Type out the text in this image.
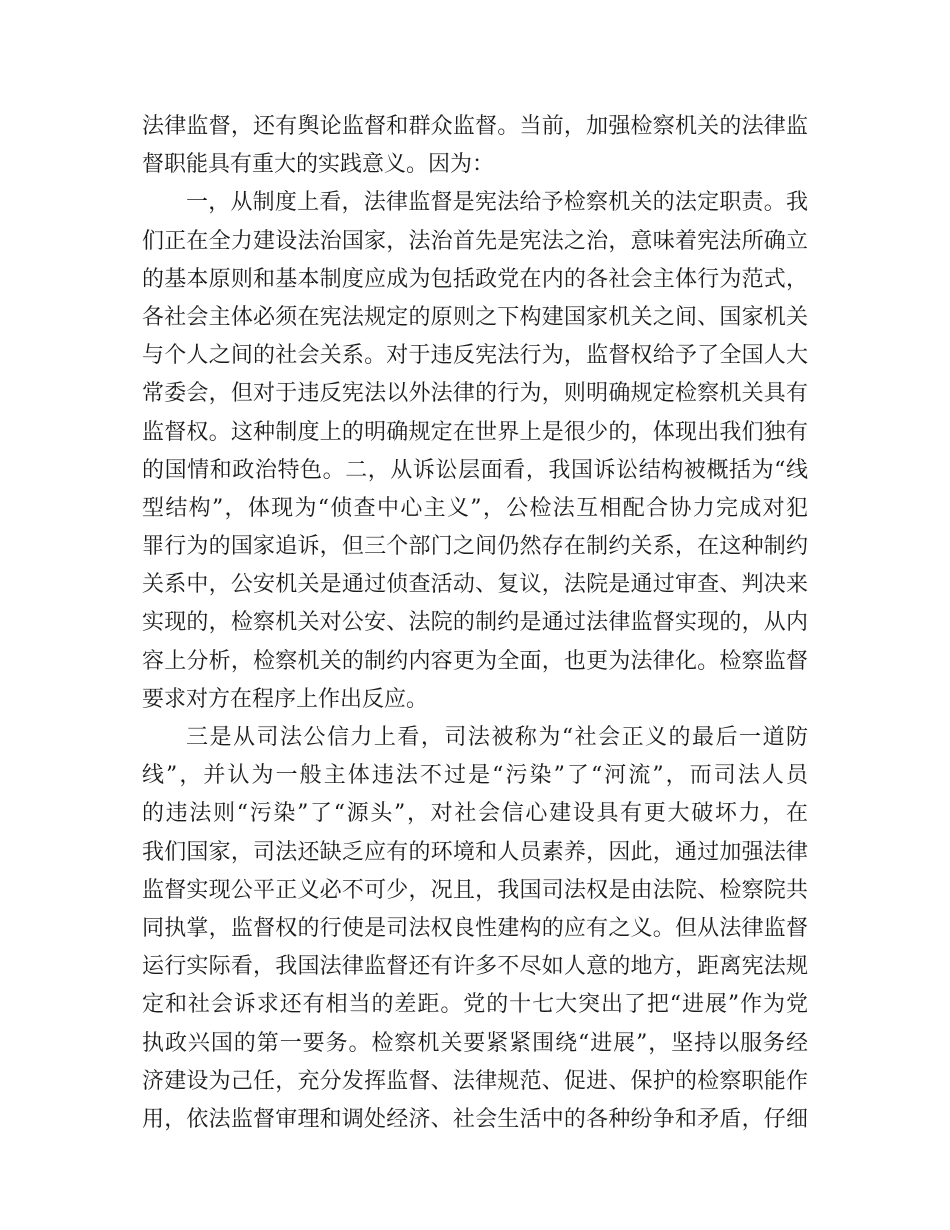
法律监督，还有舆论监督和群众监督。当前，加强检察机关的法律监
督职能具有重大的实践意义。因为：
一，从制度上看，法律监督是宪法给予检察机关的法定职责。我
们正在全力建设法治国家，法治首先是宪法之治，意味着宪法所确立
的基本原则和基本制度应成为包括政党在内的各社会主体行为范式，
各社会主体必须在宪法规定的原则之下构建国家机关之间、国家机关
与个人之间的社会关系。对于违反宪法行为，监督权给予了全国人大
常委会，但对于违反宪法以外法律的行为，则明确规定检察机关具有
监督权。这种制度上的明确规定在世界上是很少的，体现出我们独有
的国情和政治特色。二，从诉讼层面看，我国诉讼结构被概括为“线
型结构”，体现为“侦查中心主义”，公检法互相配合协力完成对犯
罪行为的国家追诉，但三个部门之间仍然存在制约关系，在这种制约
关系中，公安机关是通过侦查活动、复议，法院是通过审查、判决来
实现的，检察机关对公安、法院的制约是通过法律监督实现的，从内
容上分析，检察机关的制约内容更为全面，也更为法律化。检察监督
要求对方在程序上作出反应。
三是从司法公信力上看，司法被称为“社会正义的最后一道防
线”，并认为一般主体违法不过是“污染”了“河流”，而司法人员
的违法则“污染”了“源头”，对社会信心建设具有更大破坏力，在
我们国家，司法还缺乏应有的环境和人员素养，因此，通过加强法律
监督实现公平正义必不可少，况且，我国司法权是由法院、检察院共
同执掌，监督权的行使是司法权良性建构的应有之义。但从法律监督
运行实际看，我国法律监督还有许多不尽如人意的地方，距离宪法规
定和社会诉求还有相当的差距。党的十七大突出了把“进展”作为党
执政兴国的第一要务。检察机关要紧紧围绕“进展”，坚持以服务经
济建设为己任，充分发挥监督、法律规范、促进、保护的检察职能作
用，依法监督审理和调处经济、社会生活中的各种纷争和矛盾，仔细
